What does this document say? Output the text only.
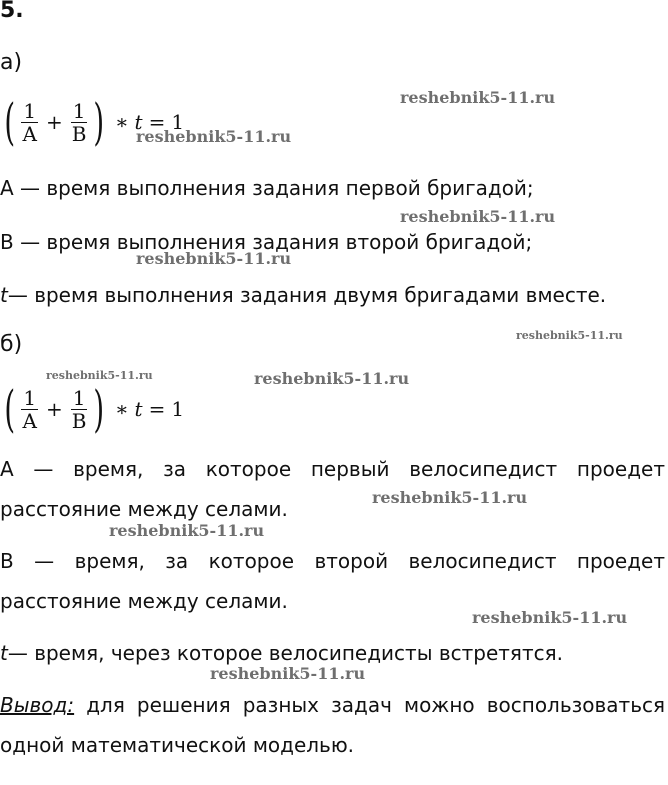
5.
а)
( $\frac{1}{A} + \frac{1}{B}$ ) ∗ t = 1
A — время выполнения задания первой бригадой;
B — время выполнения задания второй бригадой;
t— время выполнения задания двумя бригадами вместе.
б)
( $\frac{1}{A} + \frac{1}{B}$ ) ∗ t = 1
A — время, за которое первый велосипедист проедет
расстояние между селами.
B — время, за которое второй велосипедист проедет
расстояние между селами.
t— время, через которое велосипедисты встретятся.
Вывод: для решения разных задач можно воспользоваться
одной математической моделью.
reshebnik5-11.ru
reshebnik5-11.ru
reshebnik5-11.ru
reshebnik5-11.ru
reshebnik5-11.ru
reshebnik5-11.ru	reshebnik5-11.ru
reshebnik5-11.ru
reshebnik5-11.ru
reshebnik5-11.ru
reshebnik5-11.ru
